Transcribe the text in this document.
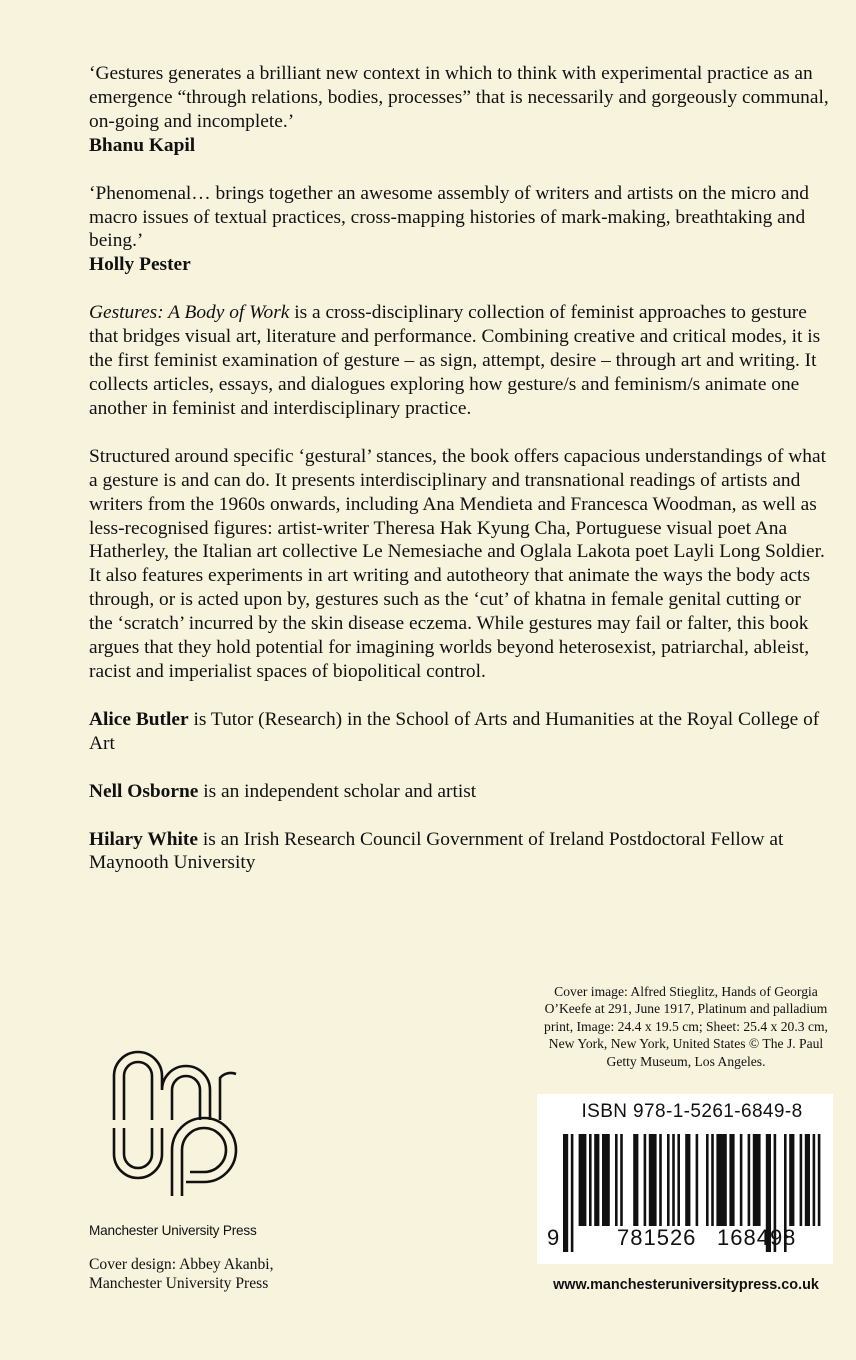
‘Gestures generates a brilliant new context in which to think with experimental practice as an emergence “through relations, bodies, processes” that is necessarily and gorgeously communal, on-going and incomplete.’
Bhanu Kapil

‘Phenomenal… brings together an awesome assembly of writers and artists on the micro and macro issues of textual practices, cross-mapping histories of mark-making, breathtaking and being.’
Holly Pester

Gestures: A Body of Work is a cross-disciplinary collection of feminist approaches to gesture that bridges visual art, literature and performance. Combining creative and critical modes, it is the first feminist examination of gesture – as sign, attempt, desire – through art and writing. It collects articles, essays, and dialogues exploring how gesture/s and feminism/s animate one another in feminist and interdisciplinary practice.

Structured around specific ‘gestural’ stances, the book offers capacious understandings of what a gesture is and can do. It presents interdisciplinary and transnational readings of artists and writers from the 1960s onwards, including Ana Mendieta and Francesca Woodman, as well as less-recognised figures: artist-writer Theresa Hak Kyung Cha, Portuguese visual poet Ana Hatherley, the Italian art collective Le Nemesiache and Oglala Lakota poet Layli Long Soldier. It also features experiments in art writing and autotheory that animate the ways the body acts through, or is acted upon by, gestures such as the ‘cut’ of khatna in female genital cutting or the ‘scratch’ incurred by the skin disease eczema. While gestures may fail or falter, this book argues that they hold potential for imagining worlds beyond heterosexist, patriarchal, ableist, racist and imperialist spaces of biopolitical control.

Alice Butler is Tutor (Research) in the School of Arts and Humanities at the Royal College of Art

Nell Osborne is an independent scholar and artist

Hilary White is an Irish Research Council Government of Ireland Postdoctoral Fellow at Maynooth University

Cover image: Alfred Stieglitz, Hands of Georgia O’Keefe at 291, June 1917, Platinum and palladium print, Image: 24.4 x 19.5 cm; Sheet: 25.4 x 20.3 cm, New York, New York, United States © The J. Paul Getty Museum, Los Angeles.
Manchester University Press
Cover design: Abbey Akanbi,
Manchester University Press
ISBN 978-1-5261-6849-8
9	781526 168498
www.manchesteruniversitypress.co.uk
